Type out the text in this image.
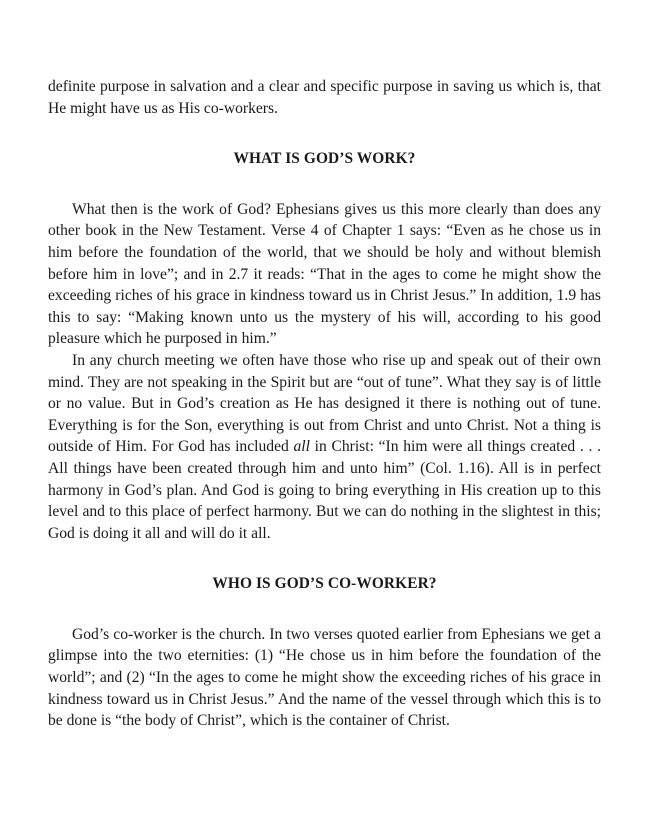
definite purpose in salvation and a clear and specific purpose in saving us which is, that He might have us as His co-workers.

WHAT IS GOD’S WORK?

What then is the work of God? Ephesians gives us this more clearly than does any other book in the New Testament. Verse 4 of Chapter 1 says: “Even as he chose us in him before the foundation of the world, that we should be holy and without blemish before him in love”; and in 2.7 it reads: “That in the ages to come he might show the exceeding riches of his grace in kindness toward us in Christ Jesus.” In addition, 1.9 has this to say: “Making known unto us the mystery of his will, according to his good pleasure which he purposed in him.”

In any church meeting we often have those who rise up and speak out of their own mind. They are not speaking in the Spirit but are “out of tune”. What they say is of little or no value. But in God’s creation as He has designed it there is nothing out of tune. Everything is for the Son, everything is out from Christ and unto Christ. Not a thing is outside of Him. For God has included all in Christ: “In him were all things created . . . All things have been created through him and unto him” (Col. 1.16). All is in perfect harmony in God’s plan. And God is going to bring everything in His creation up to this level and to this place of perfect harmony. But we can do nothing in the slightest in this; God is doing it all and will do it all.

WHO IS GOD’S CO-WORKER?

God’s co-worker is the church. In two verses quoted earlier from Ephesians we get a glimpse into the two eternities: (1) “He chose us in him before the foundation of the world”; and (2) “In the ages to come he might show the exceeding riches of his grace in kindness toward us in Christ Jesus.” And the name of the vessel through which this is to be done is “the body of Christ”, which is the container of Christ.
